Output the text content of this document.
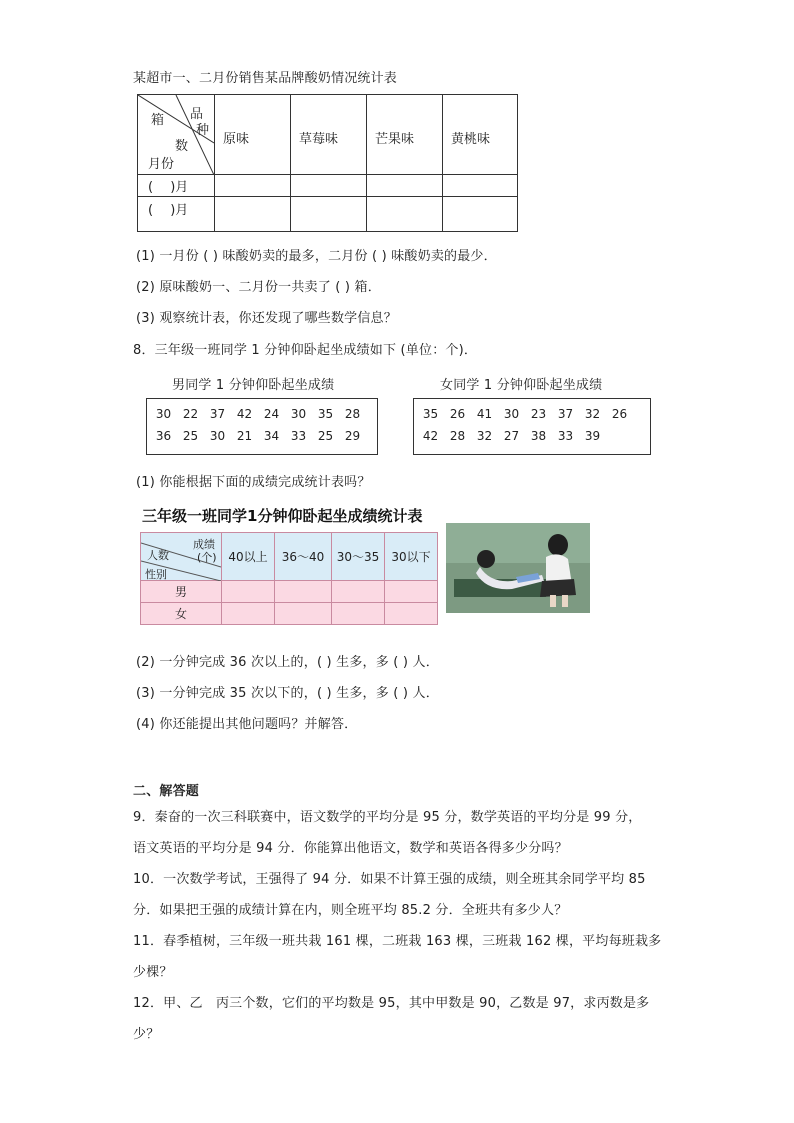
某超市一、二月份销售某品牌酸奶情况统计表
品
种
箱
数
月份	原味	草莓味	芒果味	黄桃味
(　 )月				
(　 )月				
(1) 一月份 ( ) 味酸奶卖的最多，二月份 ( ) 味酸奶卖的最少．
(2) 原味酸奶一、二月份一共卖了 ( ) 箱．
(3) 观察统计表，你还发现了哪些数学信息？
8．三年级一班同学 1 分钟仰卧起坐成绩如下 (单位：个)．
男同学 1 分钟仰卧起坐成绩	女同学 1 分钟仰卧起坐成绩
30 22 37 42 24 30 35 28
36 25 30 21 34 33 25 29
35 26 41 30 23 37 32 26
42 28 32 27 38 33 39
(1) 你能根据下面的成绩完成统计表吗？
三年级一班同学1分钟仰卧起坐成绩统计表
成绩
(个)
人数
性别	40以上	36～40	30～35	30以下
男				
女				
(2) 一分钟完成 36 次以上的，( ) 生多，多 ( ) 人．
(3) 一分钟完成 35 次以下的，( ) 生多，多 ( ) 人．
(4) 你还能提出其他问题吗？并解答．
二、解答题
9．秦奋的一次三科联赛中，语文数学的平均分是 95 分，数学英语的平均分是 99 分，
语文英语的平均分是 94 分．你能算出他语文，数学和英语各得多少分吗？
10．一次数学考试，王强得了 94 分．如果不计算王强的成绩，则全班其余同学平均 85
分．如果把王强的成绩计算在内，则全班平均 85.2 分．全班共有多少人？
11．春季植树，三年级一班共栽 161 棵，二班栽 163 棵，三班栽 162 棵，平均每班栽多
少棵？
12．甲、乙　丙三个数，它们的平均数是 95，其中甲数是 90，乙数是 97，求丙数是多
少？
